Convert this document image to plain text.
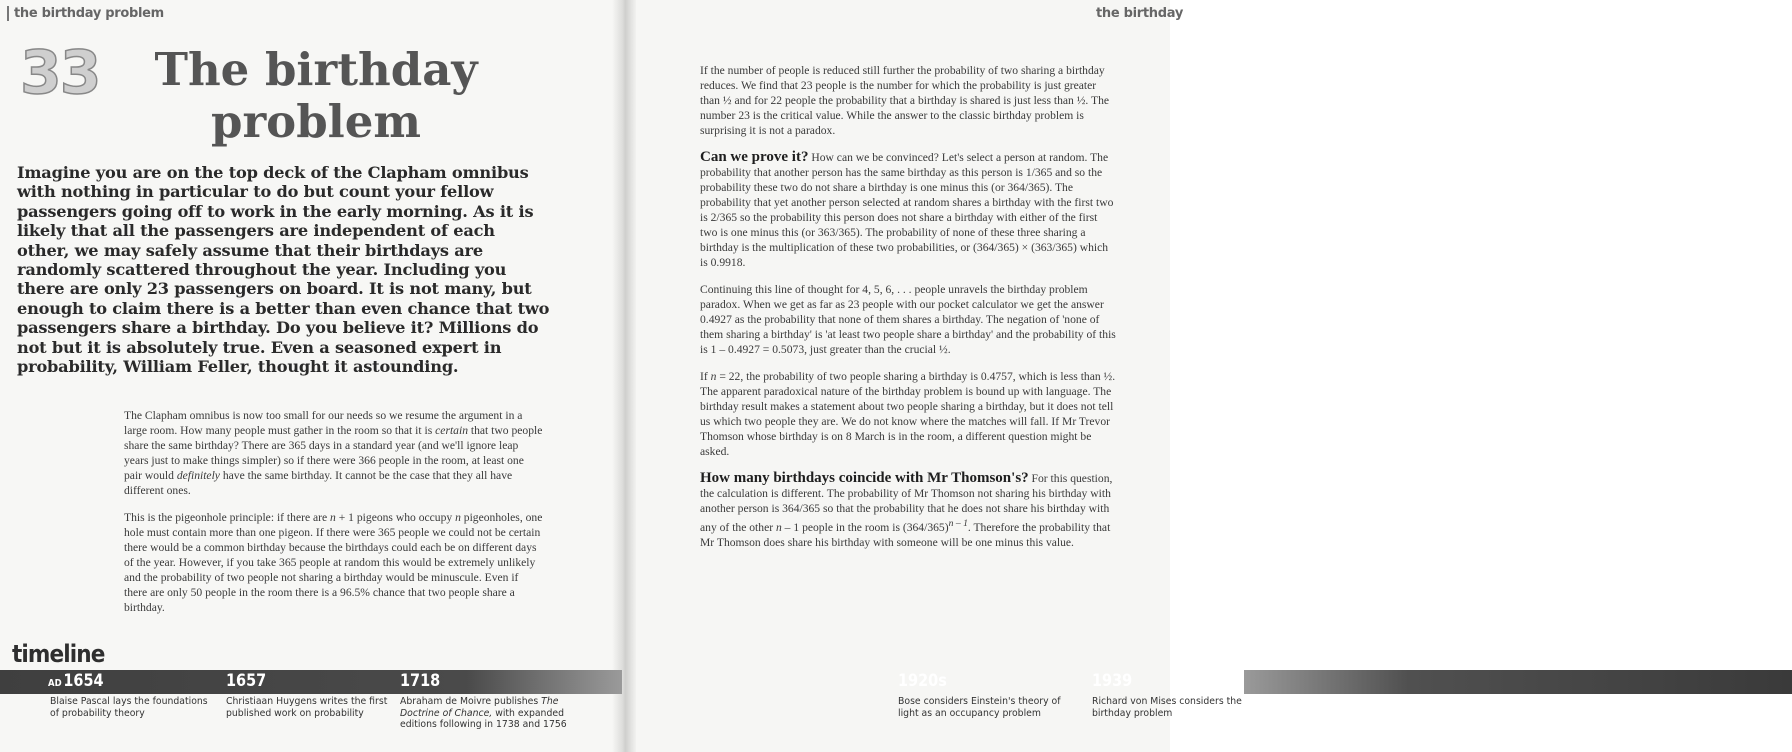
the birthday problem
33	The birthday
problem

Imagine you are on the top deck of the Clapham omnibus with nothing in particular to do but count your fellow passengers going off to work in the early morning. As it is likely that all the passengers are independent of each other, we may safely assume that their birthdays are randomly scattered throughout the year. Including you there are only 23 passengers on board. It is not many, but enough to claim there is a better than even chance that two passengers share a birthday. Do you believe it? Millions do not but it is absolutely true. Even a seasoned expert in probability, William Feller, thought it astounding.

The Clapham omnibus is now too small for our needs so we resume the argument in a large room. How many people must gather in the room so that it is certain that two people share the same birthday? There are 365 days in a standard year (and we'll ignore leap years just to make things simpler) so if there were 366 people in the room, at least one pair would definitely have the same birthday. It cannot be the case that they all have different ones.

This is the pigeonhole principle: if there are n + 1 pigeons who occupy n pigeonholes, one hole must contain more than one pigeon. If there were 365 people we could not be certain there would be a common birthday because the birthdays could each be on different days of the year. However, if you take 365 people at random this would be extremely unlikely and the probability of two people not sharing a birthday would be minuscule. Even if there are only 50 people in the room there is a 96.5% chance that two people share a birthday.

timeline
AD 1654
Blaise Pascal lays the foundations of probability theory
1657
Christiaan Huygens writes the first published work on probability
1718
Abraham de Moivre publishes The Doctrine of Chance, with expanded editions following in 1738 and 1756
the birthday

If the number of people is reduced still further the probability of two sharing a birthday reduces. We find that 23 people is the number for which the probability is just greater than ½ and for 22 people the probability that a birthday is shared is just less than ½. The number 23 is the critical value. While the answer to the classic birthday problem is surprising it is not a paradox.

Can we prove it? How can we be convinced? Let's select a person at random. The probability that another person has the same birthday as this person is 1/365 and so the probability these two do not share a birthday is one minus this (or 364/365). The probability that yet another person selected at random shares a birthday with the first two is 2/365 so the probability this person does not share a birthday with either of the first two is one minus this (or 363/365). The probability of none of these three sharing a birthday is the multiplication of these two probabilities, or (364/365) × (363/365) which is 0.9918.

Continuing this line of thought for 4, 5, 6, . . . people unravels the birthday problem paradox. When we get as far as 23 people with our pocket calculator we get the answer 0.4927 as the probability that none of them shares a birthday. The negation of 'none of them sharing a birthday' is 'at least two people share a birthday' and the probability of this is 1 – 0.4927 = 0.5073, just greater than the crucial ½.

If n = 22, the probability of two people sharing a birthday is 0.4757, which is less than ½. The apparent paradoxical nature of the birthday problem is bound up with language. The birthday result makes a statement about two people sharing a birthday, but it does not tell us which two people they are. We do not know where the matches will fall. If Mr Trevor Thomson whose birthday is on 8 March is in the room, a different question might be asked.

How many birthdays coincide with Mr Thomson's? For this question, the calculation is different. The probability of Mr Thomson not sharing his birthday with another person is 364/365 so that the probability that he does not share his birthday with any of the other n – 1 people in the room is $(364/365)^{n - 1}$. Therefore the probability that Mr Thomson does share his birthday with someone will be one minus this value.

1920s
Bose considers Einstein's theory of light as an occupancy problem
1939
Richard von Mises considers the birthday problem
